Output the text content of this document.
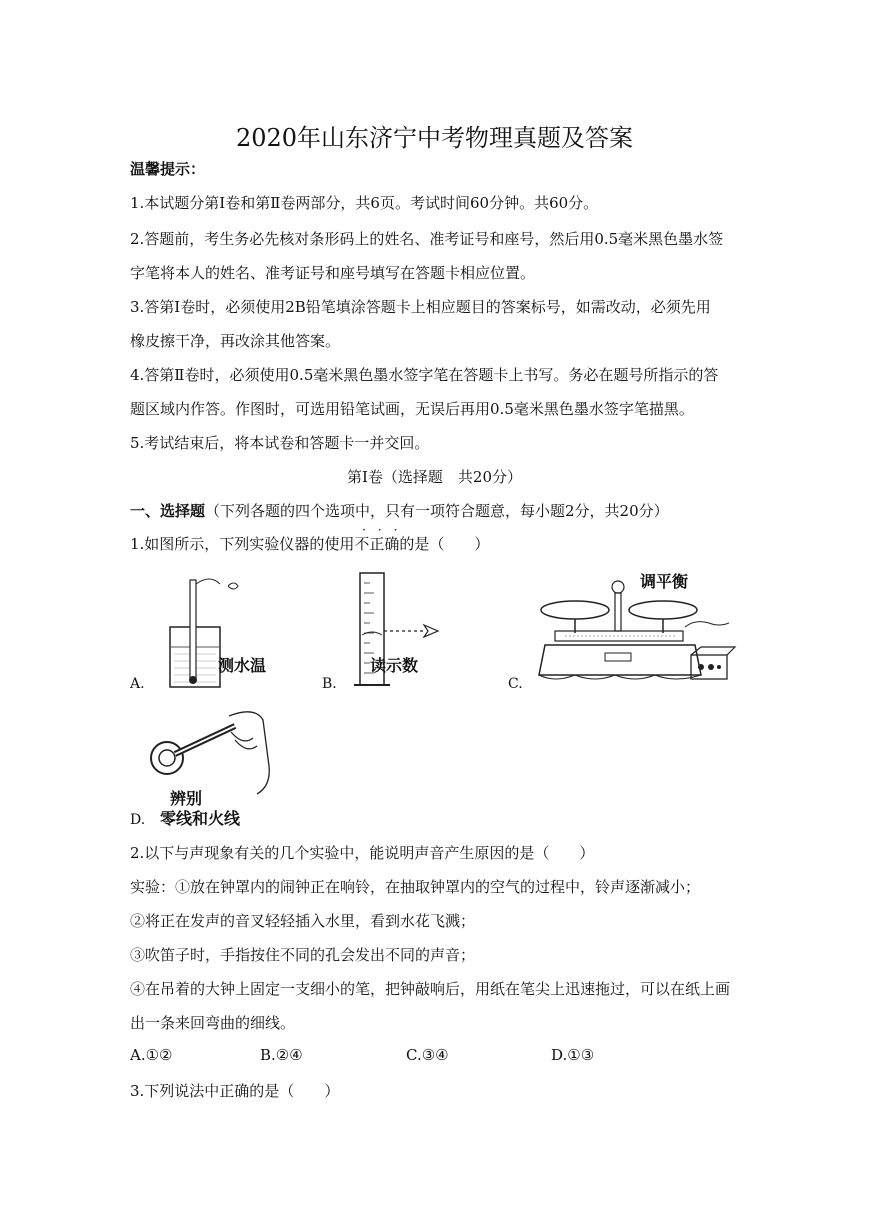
2020年山东济宁中考物理真题及答案
温馨提示：
1.本试题分第Ⅰ卷和第Ⅱ卷两部分，共6页。考试时间60分钟。共60分。
2.答题前，考生务必先核对条形码上的姓名、准考证号和座号，然后用0.5毫米黑色墨水签
字笔将本人的姓名、准考证号和座号填写在答题卡相应位置。
3.答第Ⅰ卷时，必须使用2B铅笔填涂答题卡上相应题目的答案标号，如需改动，必须先用
橡皮擦干净，再改涂其他答案。
4.答第Ⅱ卷时，必须使用0.5毫米黑色墨水签字笔在答题卡上书写。务必在题号所指示的答
题区域内作答。作图时，可选用铅笔试画，无误后再用0.5毫米黑色墨水签字笔描黑。
5.考试结束后，将本试卷和答题卡一并交回。
第Ⅰ卷（选择题　共20分）
一、选择题（下列各题的四个选项中，只有一项符合题意，每小题2分，共20分）
1.如图所示，下列实验仪器的使用不正确的是（　　）
·　·　·
测水温
A.
读示数
B.
调平衡
C.
辨别
零线和火线
D.
2.以下与声现象有关的几个实验中，能说明声音产生原因的是（　　）
实验：①放在钟罩内的闹钟正在响铃，在抽取钟罩内的空气的过程中，铃声逐渐减小；
②将正在发声的音叉轻轻插入水里，看到水花飞溅；
③吹笛子时，手指按住不同的孔会发出不同的声音；
④在吊着的大钟上固定一支细小的笔，把钟敲响后，用纸在笔尖上迅速拖过，可以在纸上画
出一条来回弯曲的细线。
A.①②	B.②④	C.③④	D.①③
3.下列说法中正确的是（　　）
